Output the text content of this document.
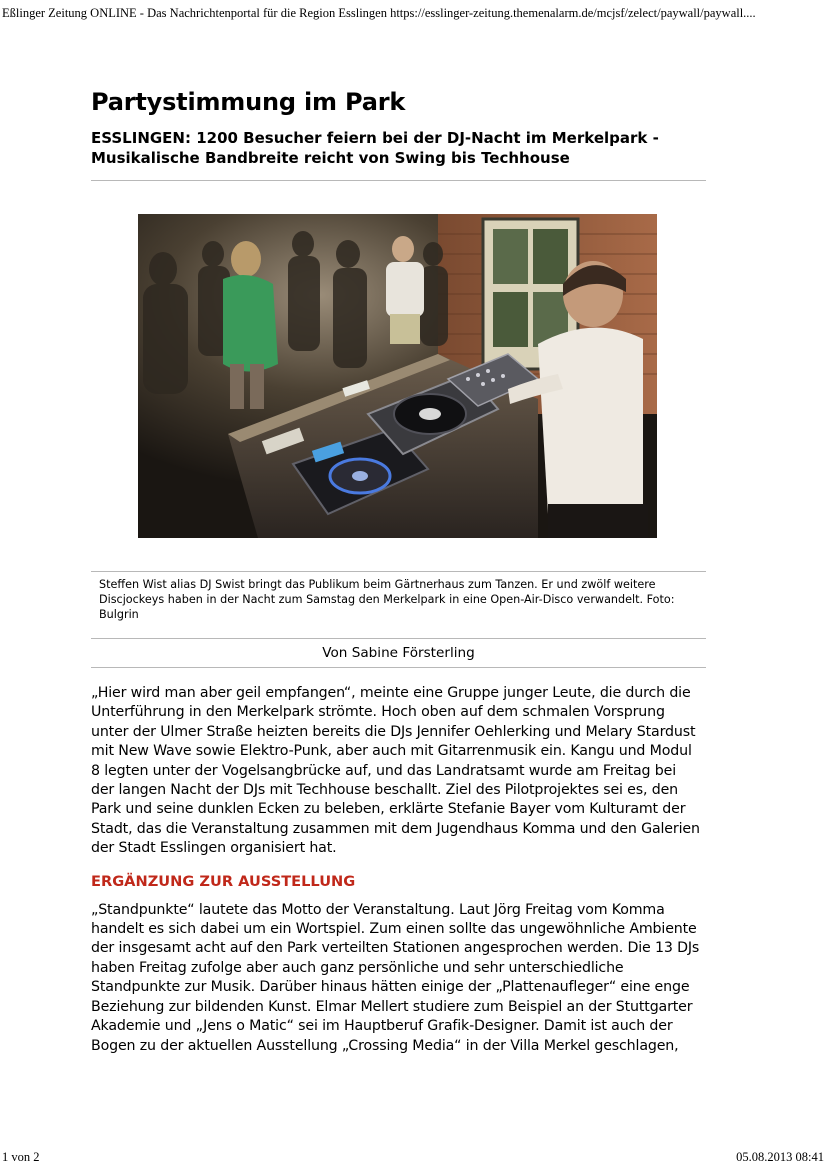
Eßlinger Zeitung ONLINE - Das Nachrichtenportal für die Region Esslingen https://esslinger-zeitung.themenalarm.de/mcjsf/zelect/paywall/paywall....
Partystimmung im Park
ESSLINGEN: 1200 Besucher feiern bei der DJ-Nacht im Merkelpark -
Musikalische Bandbreite reicht von Swing bis Techhouse
Steffen Wist alias DJ Swist bringt das Publikum beim Gärtnerhaus zum Tanzen. Er und zwölf weitere Discjockeys haben in der Nacht zum Samstag den Merkelpark in eine Open-Air-Disco verwandelt. Foto: Bulgrin
Von Sabine Försterling

„Hier wird man aber geil empfangen“, meinte eine Gruppe junger Leute, die durch die Unterführung in den Merkelpark strömte. Hoch oben auf dem schmalen Vorsprung unter der Ulmer Straße heizten bereits die DJs Jennifer Oehlerking und Melary Stardust mit New Wave sowie Elektro-Punk, aber auch mit Gitarrenmusik ein. Kangu und Modul 8 legten unter der Vogelsangbrücke auf, und das Landratsamt wurde am Freitag bei der langen Nacht der DJs mit Techhouse beschallt. Ziel des Pilotprojektes sei es, den Park und seine dunklen Ecken zu beleben, erklärte Stefanie Bayer vom Kulturamt der Stadt, das die Veranstaltung zusammen mit dem Jugendhaus Komma und den Galerien der Stadt Esslingen organisiert hat.

ERGÄNZUNG ZUR AUSSTELLUNG

„Standpunkte“ lautete das Motto der Veranstaltung. Laut Jörg Freitag vom Komma handelt es sich dabei um ein Wortspiel. Zum einen sollte das ungewöhnliche Ambiente der insgesamt acht auf den Park verteilten Stationen angesprochen werden. Die 13 DJs haben Freitag zufolge aber auch ganz persönliche und sehr unterschiedliche Standpunkte zur Musik. Darüber hinaus hätten einige der „Plattenaufleger“ eine enge Beziehung zur bildenden Kunst. Elmar Mellert studiere zum Beispiel an der Stuttgarter Akademie und „Jens o Matic“ sei im Hauptberuf Grafik-Designer. Damit ist auch der Bogen zu der aktuellen Ausstellung „Crossing Media“ in der Villa Merkel geschlagen,

1 von 2	05.08.2013 08:41
